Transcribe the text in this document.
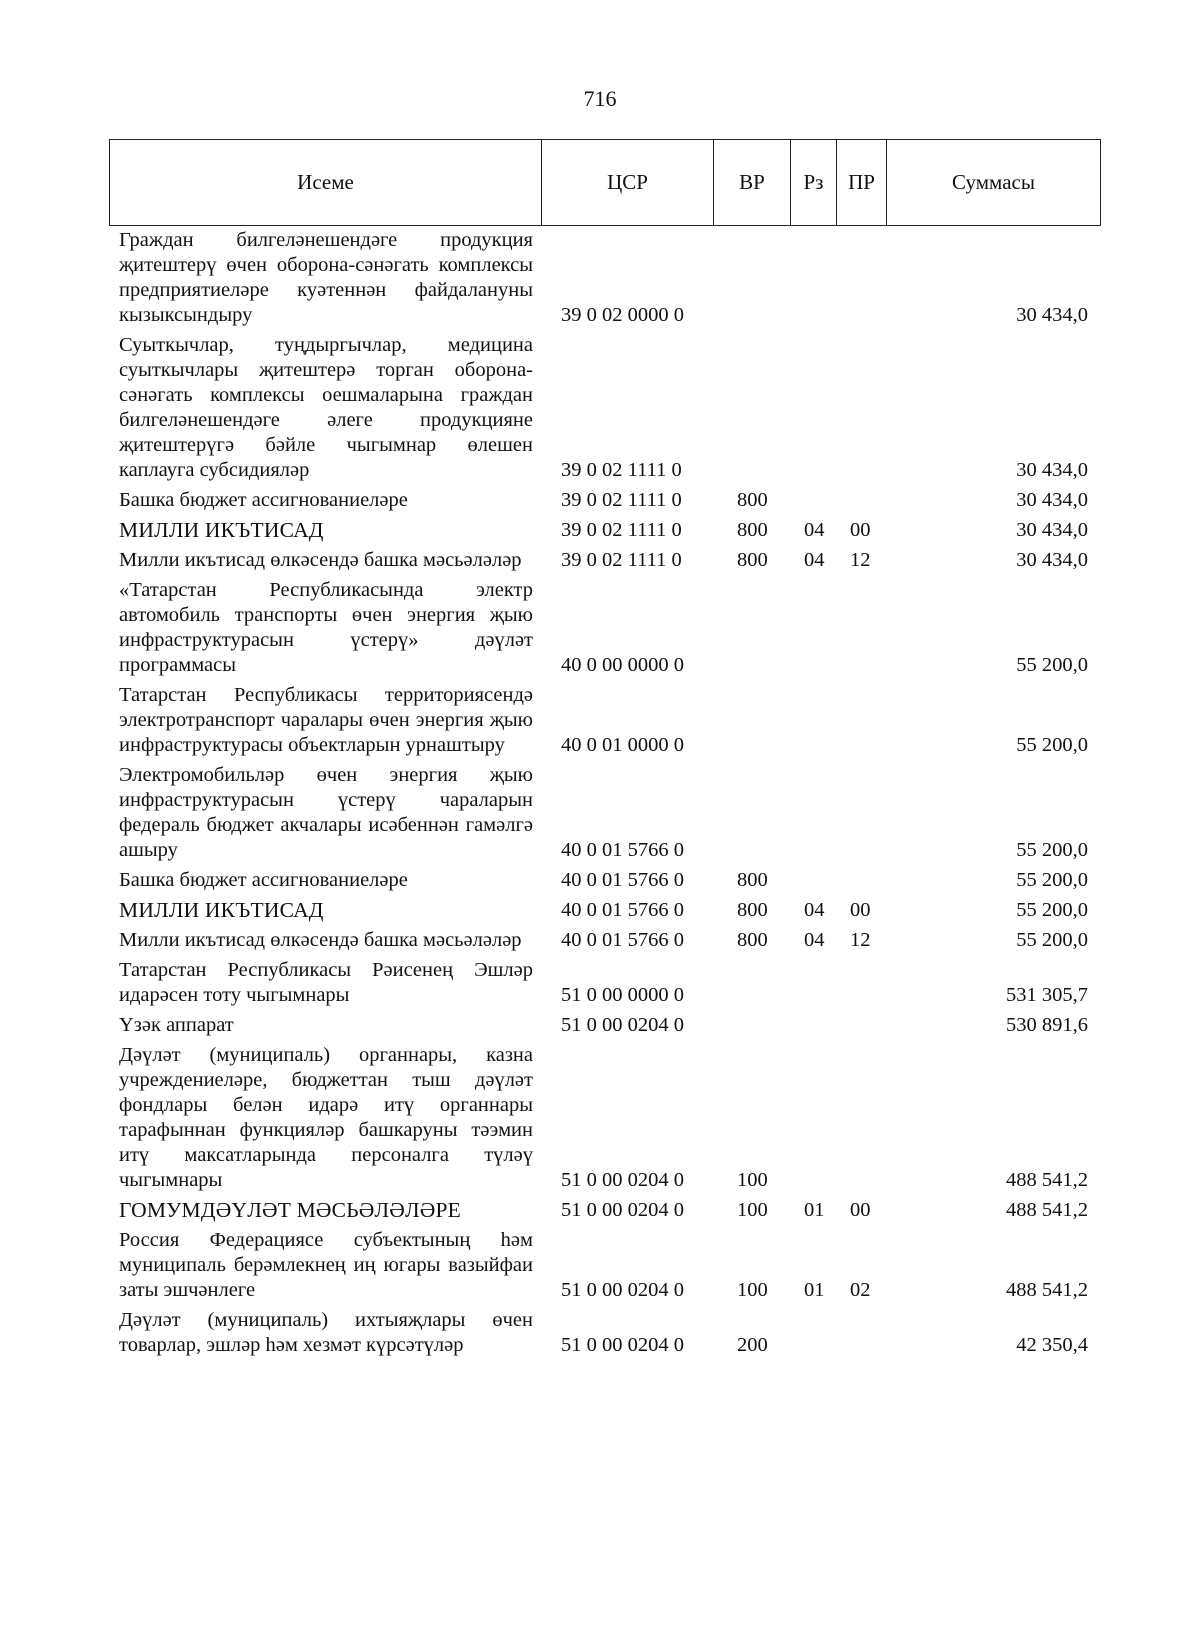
716
Исеме	ЦСР	ВР	Рз	ПР	Суммасы
Граждан билгеләнешендәге продукция җитештерү өчен оборона-сәнәгать комплексы предприятиеләре куәтеннән файдалануны кызыксындыру	39 0 02 0000 0				30 434,0
Суыткычлар, туңдыргычлар, медицина суыткычлары җитештерә торган оборона-сәнәгать комплексы оешмаларына граждан билгеләнешендәге әлеге продукцияне җитештерүгә бәйле чыгымнар өлешен каплауга субсидияләр	39 0 02 1111 0				30 434,0
Башка бюджет ассигнованиеләре	39 0 02 1111 0	800			30 434,0
МИЛЛИ ИКЪТИСАД	39 0 02 1111 0	800	04	00	30 434,0
Милли икътисад өлкәсендә башка мәсьәләләр	39 0 02 1111 0	800	04	12	30 434,0
«Татарстан Республикасында электр автомобиль транспорты өчен энергия җыю инфраструктурасын үстерү» дәүләт программасы	40 0 00 0000 0				55 200,0
Татарстан Республикасы территориясендә электротранспорт чаралары өчен энергия җыю инфраструктурасы объектларын урнаштыру	40 0 01 0000 0				55 200,0
Электромобильләр өчен энергия җыю инфраструктурасын үстерү чараларын федераль бюджет акчалары исәбеннән гамәлгә ашыру	40 0 01 5766 0				55 200,0
Башка бюджет ассигнованиеләре	40 0 01 5766 0	800			55 200,0
МИЛЛИ ИКЪТИСАД	40 0 01 5766 0	800	04	00	55 200,0
Милли икътисад өлкәсендә башка мәсьәләләр	40 0 01 5766 0	800	04	12	55 200,0
Татарстан Республикасы Рәисенең Эшләр идарәсен тоту чыгымнары	51 0 00 0000 0				531 305,7
Үзәк аппарат	51 0 00 0204 0				530 891,6
Дәүләт (муниципаль) органнары, казна учреждениеләре, бюджеттан тыш дәүләт фондлары белән идарә итү органнары тарафыннан функцияләр башкаруны тәэмин итү максатларында персоналга түләү чыгымнары	51 0 00 0204 0	100			488 541,2
ГОМУМДӘҮЛӘТ МӘСЬӘЛӘЛӘРЕ	51 0 00 0204 0	100	01	00	488 541,2
Россия Федерациясе субъектының һәм муниципаль берәмлекнең иң югары вазыйфаи заты эшчәнлеге	51 0 00 0204 0	100	01	02	488 541,2
Дәүләт (муниципаль) ихтыяҗлары өчен товарлар, эшләр һәм хезмәт күрсәтүләр	51 0 00 0204 0	200			42 350,4
